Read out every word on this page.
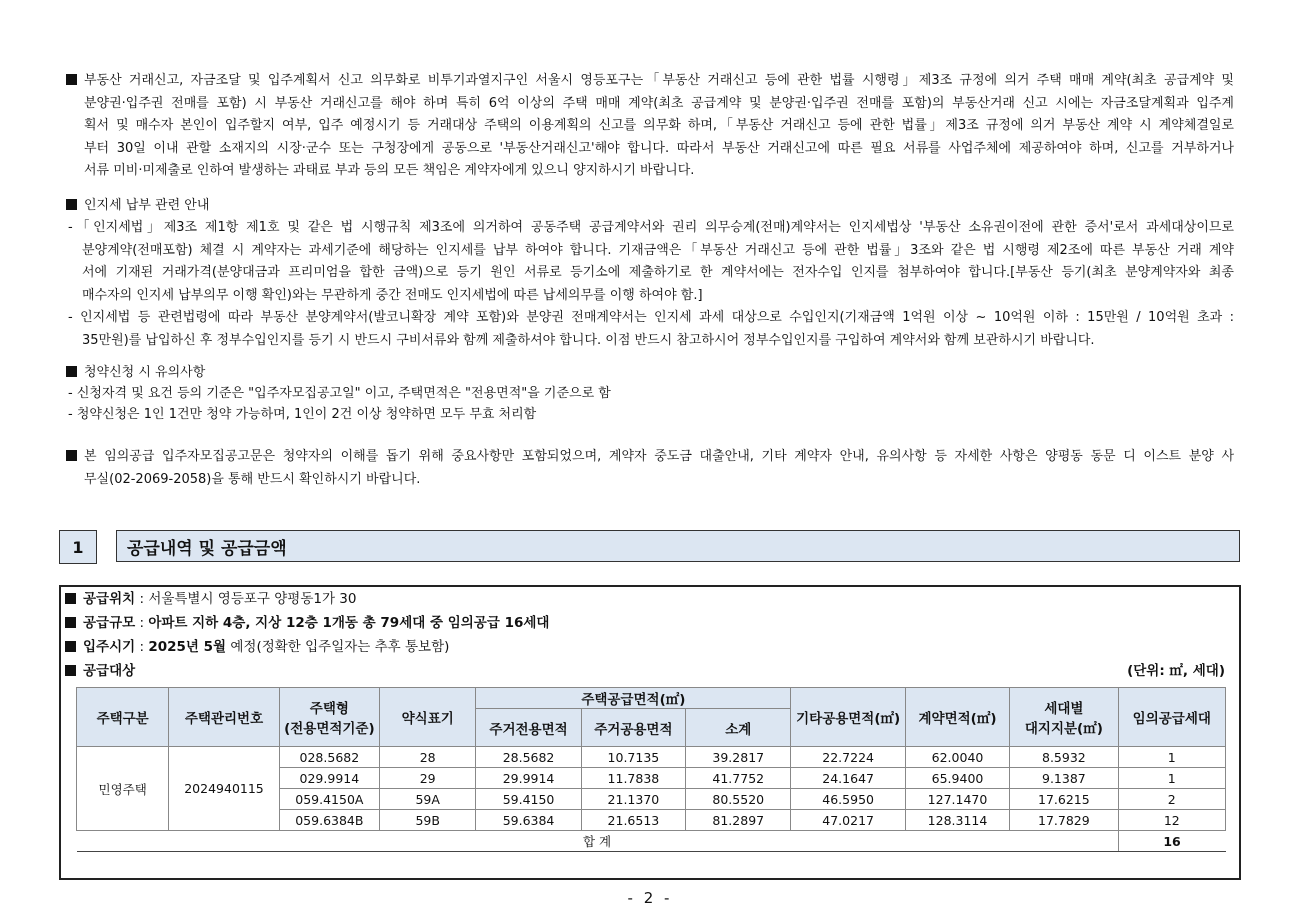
부동산 거래신고, 자금조달 및 입주계획서 신고 의무화로 비투기과열지구인 서울시 영등포구는「부동산 거래신고 등에 관한 법률 시행령」제3조 규정에 의거 주택 매매 계약(최초 공급계약 및
분양권·입주권 전매를 포함) 시 부동산 거래신고를 해야 하며 특히 6억 이상의 주택 매매 계약(최초 공급계약 및 분양권·입주권 전매를 포함)의 부동산거래 신고 시에는 자금조달계획과 입주계
획서 및 매수자 본인이 입주할지 여부, 입주 예정시기 등 거래대상 주택의 이용계획의 신고를 의무화 하며,「부동산 거래신고 등에 관한 법률」제3조 규정에 의거 부동산 계약 시 계약체결일로
부터 30일 이내 관할 소재지의 시장·군수 또는 구청장에게 공동으로 '부동산거래신고'해야 합니다. 따라서 부동산 거래신고에 따른 필요 서류를 사업주체에 제공하여야 하며, 신고를 거부하거나
서류 미비·미제출로 인하여 발생하는 과태료 부과 등의 모든 책임은 계약자에게 있으니 양지하시기 바랍니다.
인지세 납부 관련 안내
-「인지세법」제3조 제1항 제1호 및 같은 법 시행규칙 제3조에 의거하여 공동주택 공급계약서와 권리 의무승계(전매)계약서는 인지세법상 '부동산 소유권이전에 관한 증서'로서 과세대상이므로
분양계약(전매포함) 체결 시 계약자는 과세기준에 해당하는 인지세를 납부 하여야 합니다. 기재금액은「부동산 거래신고 등에 관한 법률」3조와 같은 법 시행령 제2조에 따른 부동산 거래 계약
서에 기재된 거래가격(분양대금과 프리미엄을 합한 금액)으로 등기 원인 서류로 등기소에 제출하기로 한 계약서에는 전자수입 인지를 첨부하여야 합니다.[부동산 등기(최초 분양계약자와 최종
매수자의 인지세 납부의무 이행 확인)와는 무관하게 중간 전매도 인지세법에 따른 납세의무를 이행 하여야 함.]
- 인지세법 등 관련법령에 따라 부동산 분양계약서(발코니확장 계약 포함)와 분양권 전매계약서는 인지세 과세 대상으로 수입인지(기재금액 1억원 이상 ~ 10억원 이하 : 15만원 / 10억원 초과 :
35만원)를 납입하신 후 정부수입인지를 등기 시 반드시 구비서류와 함께 제출하셔야 합니다. 이점 반드시 참고하시어 정부수입인지를 구입하여 계약서와 함께 보관하시기 바랍니다.
청약신청 시 유의사항
- 신청자격 및 요건 등의 기준은 "입주자모집공고일" 이고, 주택면적은 "전용면적"을 기준으로 함
- 청약신청은 1인 1건만 청약 가능하며, 1인이 2건 이상 청약하면 모두 무효 처리함
본 임의공급 입주자모집공고문은 청약자의 이해를 돕기 위해 중요사항만 포함되었으며, 계약자 중도금 대출안내, 기타 계약자 안내, 유의사항 등 자세한 사항은 양평동 동문 디 이스트 분양 사
무실(02-2069-2058)을 통해 반드시 확인하시기 바랍니다.
1	공급내역 및 공급금액
공급위치 : 서울특별시 영등포구 양평동1가 30
공급규모 : 아파트 지하 4층, 지상 12층 1개동 총 79세대 중 임의공급 16세대
입주시기 : 2025년 5월 예정(정확한 입주일자는 추후 통보함)
공급대상	(단위: ㎡, 세대)
주택구분	주택관리번호	주택형
(전용면적기준)	약식표기	주택공급면적(㎡)			기타공용면적(㎡)	계약면적(㎡)	세대별
대지지분(㎡)	임의공급세대
				주거전용면적	주거공용면적	소계				
민영주택	2024940115	028.5682	28	28.5682	10.7135	39.2817	22.7224	62.0040	8.5932	1
		029.9914	29	29.9914	11.7838	41.7752	24.1647	65.9400	9.1387	1
		059.4150A	59A	59.4150	21.1370	80.5520	46.5950	127.1470	17.6215	2
		059.6384B	59B	59.6384	21.6513	81.2897	47.0217	128.3114	17.7829	12
합 계										16
- 2 -
